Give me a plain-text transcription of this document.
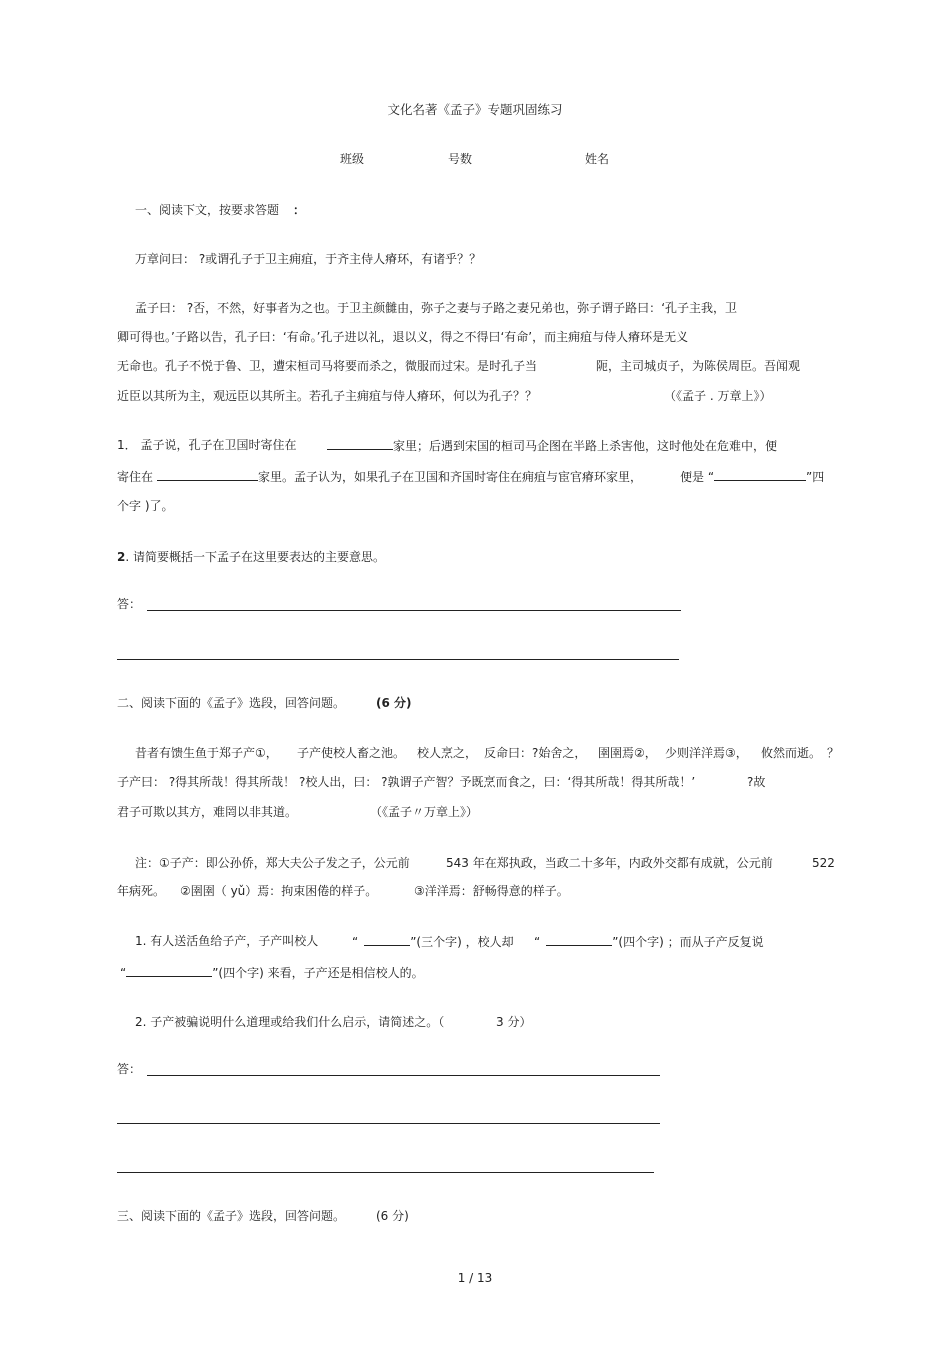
文化名著《孟子》专题巩固练习
班级	号数	姓名
一、阅读下文，按要求答题 ：
万章问曰： ?或谓孔子于卫主痈疽，于齐主侍人瘠环，有诸乎？？
孟子曰： ?否，不然，好事者为之也。于卫主颜雠由，弥子之妻与子路之妻兄弟也，弥子谓子路曰：‘孔子主我，卫
卿可得也。’子路以告，孔子曰：‘有命。’孔子进以礼，退以义，得之不得曰‘有命’，而主痈疽与侍人瘠环是无义
无命也。孔子不悦于鲁、卫，遭宋桓司马将要而杀之，微服而过宋。是时孔子当	阨，主司城贞子，为陈侯周臣。吾闻观
近臣以其所为主，观远臣以其所主。若孔子主痈疽与侍人瘠环，何以为孔子？？	（《孟子 . 万章上》）
1． 孟子说，孔子在卫国时寄住在	家里；后遇到宋国的桓司马企图在半路上杀害他，这时他处在危难中，便
寄住在	家里。孟子认为，如果孔子在卫国和齐国时寄住在痈疽与宦官瘠环家里，	便是 “	”四
个字 )了。
2. 请简要概括一下孟子在这里要表达的主要意思。
答：
二、阅读下面的《孟子》选段，回答问题。	(6 分)
昔者有馈生鱼于郑子产①， 子产使校人畜之池。 校人烹之， 反命曰：?始舍之， 圉圉焉②， 少则洋洋焉③， 攸然而逝。 ？
子产曰： ?得其所哉！得其所哉！ ?校人出，曰： ?孰谓子产智？予既烹而食之，曰：‘得其所哉！得其所哉！’	?故
君子可欺以其方，难罔以非其道。	（《孟子〃万章上》）
注：①子产：即公孙侨，郑大夫公子发之子，公元前	543 年在郑执政，当政二十多年，内政外交都有成就，公元前	522
年病死。 ②圉圉（ yǔ）焉：拘束困倦的样子。	③洋洋焉：舒畅得意的样子。
1. 有人送活鱼给子产，子产叫校人	“	”(三个字) ，校人却 “	”(四个字) ；而从子产反复说
“	”(四个字) 来看，子产还是相信校人的。
2. 子产被骗说明什么道理或给我们什么启示，请简述之。（	3 分）
答：
三、阅读下面的《孟子》选段，回答问题。	(6 分)
1 / 13
